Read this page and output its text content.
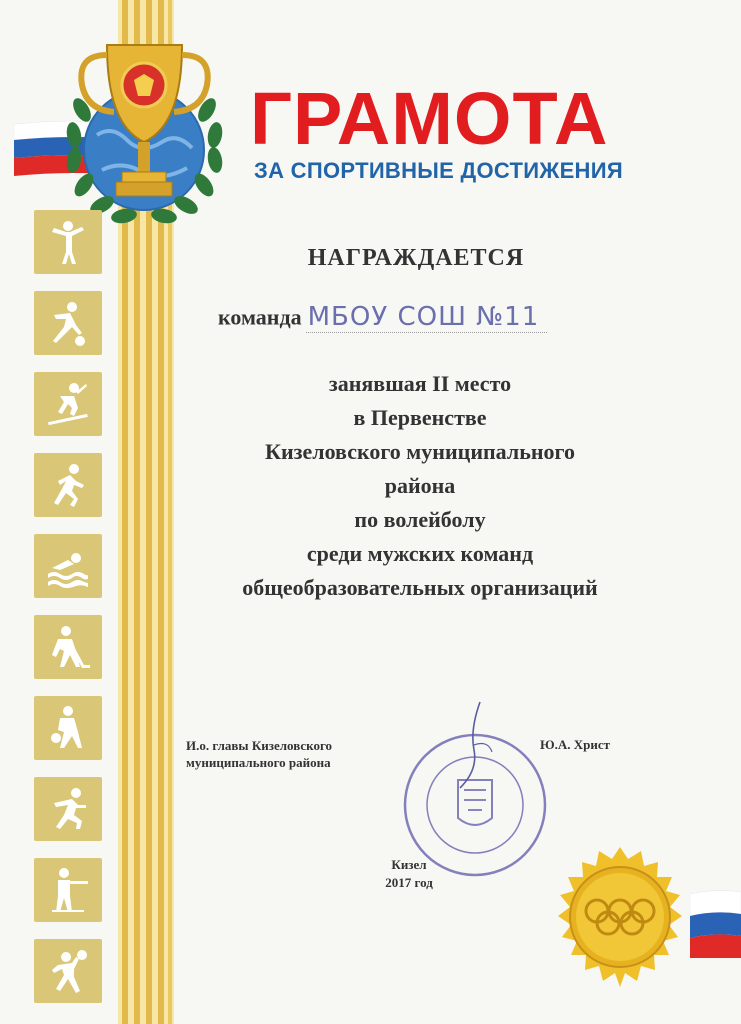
ГРАМОТА
ЗА СПОРТИВНЫЕ ДОСТИЖЕНИЯ
НАГРАЖДАЕТСЯ
команда МБОУ СОШ №11
занявшая II место
в Первенстве
Кизеловского муниципального
района
по волейболу
среди мужских команд
общеобразовательных организаций
И.о. главы Кизеловского
муниципального района
Ю.А. Христ
Кизел
2017 год
